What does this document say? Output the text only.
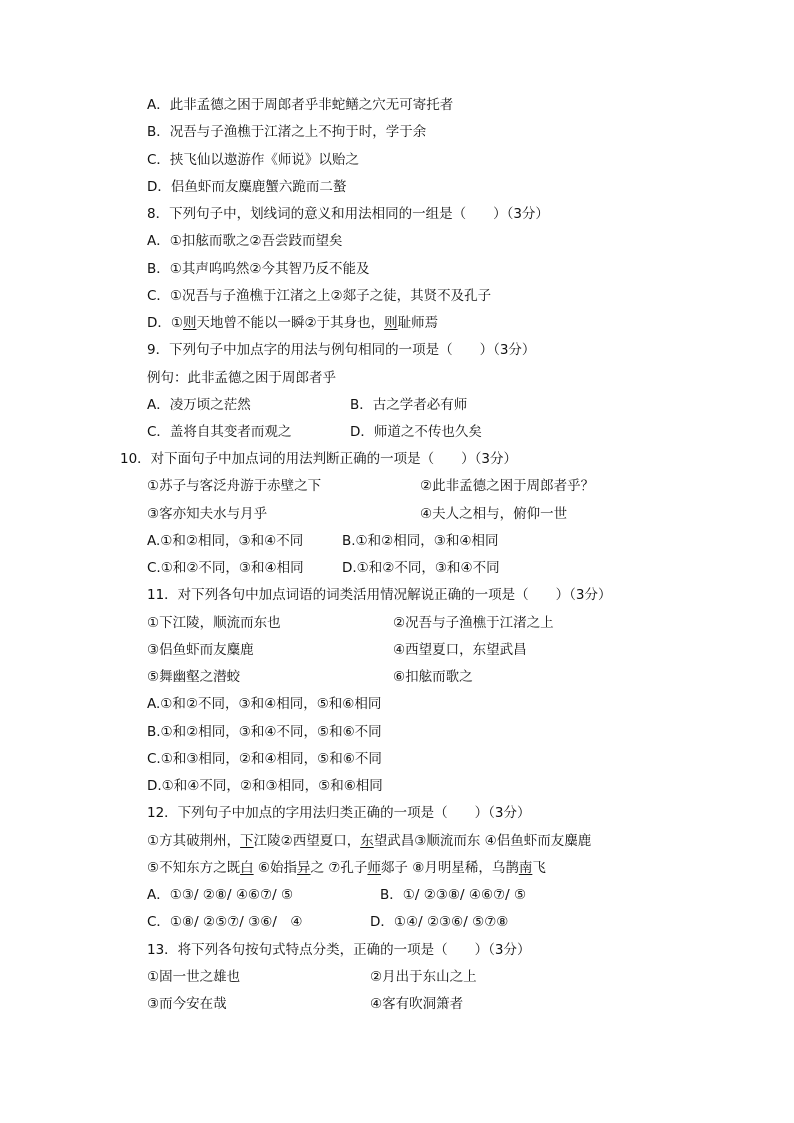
A．此非孟德之困于周郎者乎非蛇鳝之穴无可寄托者
B．况吾与子渔樵于江渚之上不拘于时，学于余
C．挟飞仙以遨游作《师说》以贻之
D．侣鱼虾而友麋鹿蟹六跪而二螯
8．下列句子中，划线词的意义和用法相同的一组是（　　）（3分）
A．①扣舷而歌之②吾尝跂而望矣
B．①其声呜呜然②今其智乃反不能及
C．①况吾与子渔樵于江渚之上②郯子之徒，其贤不及孔子
D．①则天地曾不能以一瞬②于其身也，则耻师焉
9．下列句子中加点字的用法与例句相同的一项是（　　）（3分）
例句：此非孟德之困于周郎者乎
A．凌万顷之茫然	B．古之学者必有师
C．盖将自其变者而观之	D．师道之不传也久矣
10．对下面句子中加点词的用法判断正确的一项是（　　）（3分）
①苏子与客泛舟游于赤壁之下	②此非孟德之困于周郎者乎？
③客亦知夫水与月乎	④夫人之相与，俯仰一世
A.①和②相同，③和④不同	B.①和②相同，③和④相同
C.①和②不同，③和④相同	D.①和②不同，③和④不同
11．对下列各句中加点词语的词类活用情况解说正确的一项是（　　）（3分）
①下江陵，顺流而东也	②况吾与子渔樵于江渚之上
③侣鱼虾而友麋鹿	④西望夏口，东望武昌
⑤舞幽壑之潜蛟	⑥扣舷而歌之
A.①和②不同，③和④相同，⑤和⑥相同
B.①和②相同，③和④不同，⑤和⑥不同
C.①和③相同，②和④相同，⑤和⑥不同
D.①和④不同，②和③相同，⑤和⑥相同
12．下列句子中加点的字用法归类正确的一项是（　　）（3分）
①方其破荆州，下江陵②西望夏口，东望武昌③顺流而东 ④侣鱼虾而友麋鹿
⑤不知东方之既白 ⑥始指异之 ⑦孔子师郯子 ⑧月明星稀，乌鹊南飞
A．①③/ ②⑧/ ④⑥⑦/ ⑤	B．①/ ②③⑧/ ④⑥⑦/ ⑤
C．①⑧/ ②⑤⑦/ ③⑥/　④	D．①④/ ②③⑥/ ⑤⑦⑧
13．将下列各句按句式特点分类，正确的一项是（　　）（3分）
①固一世之雄也	②月出于东山之上
③而今安在哉	④客有吹洞箫者
